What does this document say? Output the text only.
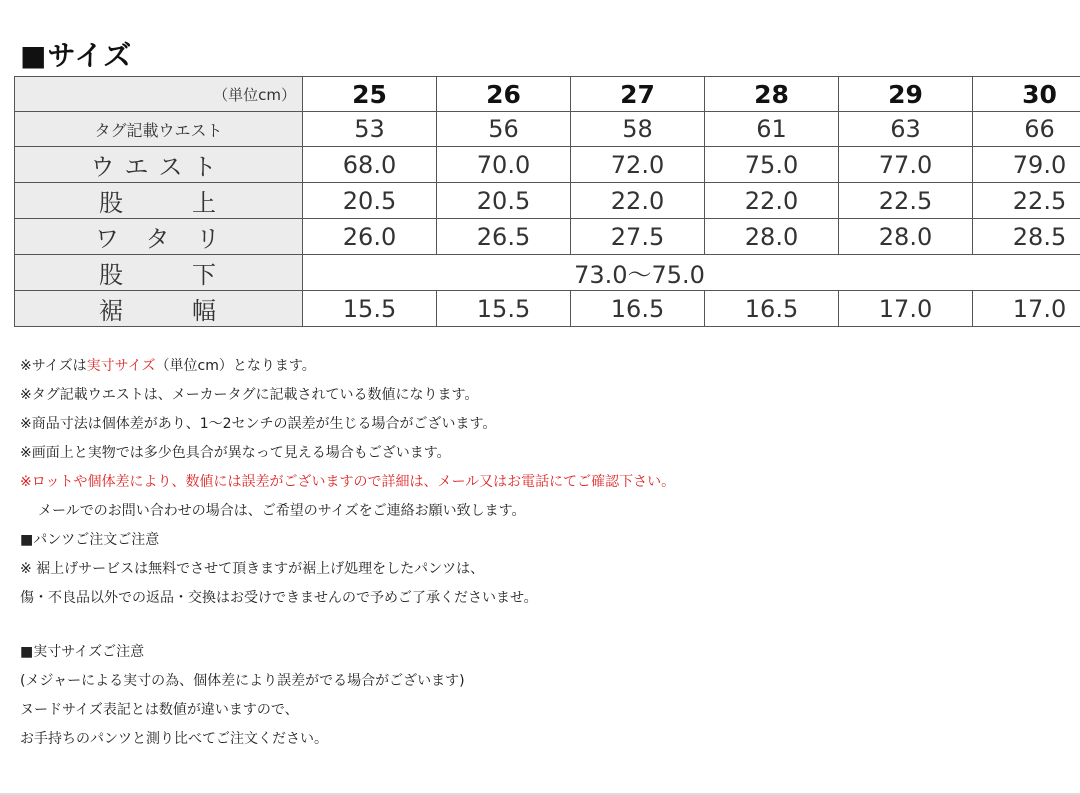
■サイズ
（単位cm）	25	26	27	28	29	30
タグ記載ウエスト	53	56	58	61	63	66
ウエスト	68.0	70.0	72.0	75.0	77.0	79.0

股 上	20.5	20.5	22.0	22.0	22.5	22.5

ワ タ リ	26.0	26.5	27.5	28.0	28.0	28.5

股 下	73.0〜75.0					

裾 幅	15.5	15.5	16.5	16.5	17.0	17.0
※サイズは実寸サイズ（単位cm）となります。
※タグ記載ウエストは、メーカータグに記載されている数値になります。
※商品寸法は個体差があり、1〜2センチの誤差が生じる場合がございます。
※画面上と実物では多少色具合が異なって見える場合もございます。
※ロットや個体差により、数値には誤差がございますので詳細は、メール又はお電話にてご確認下さい。
メールでのお問い合わせの場合は、ご希望のサイズをご連絡お願い致します。
■パンツご注文ご注意
※ 裾上げサービスは無料でさせて頂きますが裾上げ処理をしたパンツは、
傷・不良品以外での返品・交換はお受けできませんので予めご了承くださいませ。
■実寸サイズご注意
(メジャーによる実寸の為、個体差により誤差がでる場合がございます)
ヌードサイズ表記とは数値が違いますので、
お手持ちのパンツと測り比べてご注文ください。
